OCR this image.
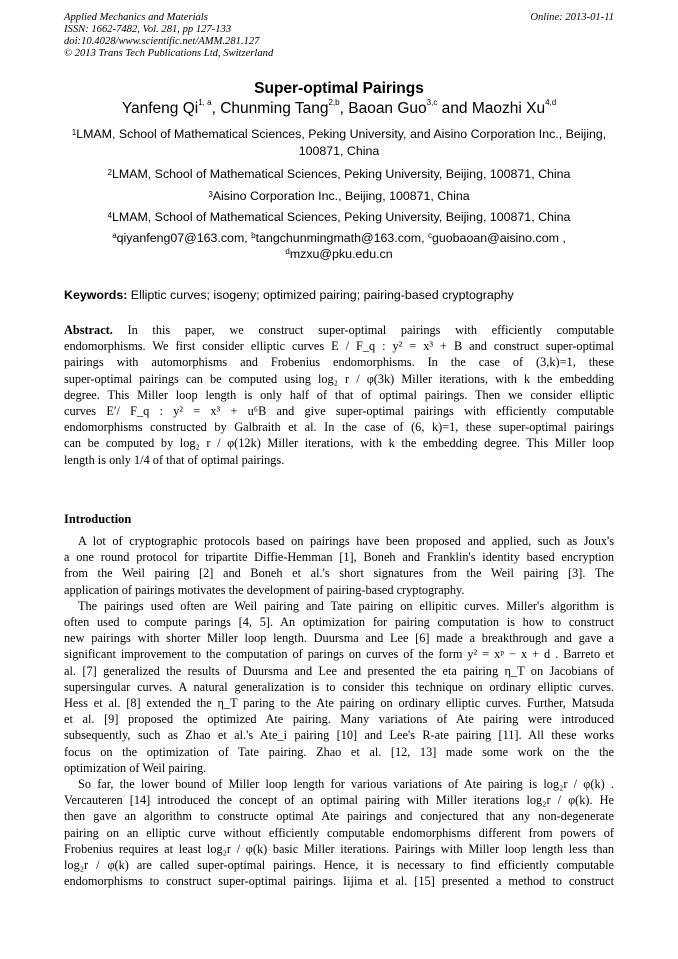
Applied Mechanics and Materials
ISSN: 1662-7482, Vol. 281, pp 127-133
doi:10.4028/www.scientific.net/AMM.281.127
© 2013 Trans Tech Publications Ltd, Switzerland
Online: 2013-01-11
Super-optimal Pairings
Yanfeng Qi$^{1, a}$, Chunming Tang$^{2,b}$, Baoan Guo$^{3,c}$ and Maozhi Xu$^{4,d}$
$^1$LMAM, School of Mathematical Sciences, Peking University, and Aisino Corporation Inc., Beijing,
100871, China
$^2$LMAM, School of Mathematical Sciences, Peking University, Beijing, 100871, China
$^3$Aisino Corporation Inc., Beijing, 100871, China
$^4$LMAM, School of Mathematical Sciences, Peking University, Beijing, 100871, China
$^a$qiyanfeng07@163.com, $^b$tangchunmingmath@163.com, $^c$guobaoan@aisino.com ,
$^d$mzxu@pku.edu.cn
Keywords: Elliptic curves; isogeny; optimized pairing; pairing-based cryptography
Abstract. In this paper, we construct super-optimal pairings with efficiently computable
endomorphisms. We first consider elliptic curves E / F_q : y² = x³ + B and construct super-optimal
pairings with automorphisms and Frobenius endomorphisms. In the case of (3,k)=1, these
super-optimal pairings can be computed using log₂ r / φ(3k) Miller iterations, with k the embedding
degree. This Miller loop length is only half of that of optimal pairings. Then we consider elliptic
curves E′/ F_q : y² = x³ + u⁶B and give super-optimal pairings with efficiently computable
endomorphisms constructed by Galbraith et al. In the case of (6, k)=1, these super-optimal pairings
can be computed by log₂ r / φ(12k) Miller iterations, with k the embedding degree. This Miller loop
length is only 1/4 of that of optimal pairings.
Introduction
A lot of cryptographic protocols based on pairings have been proposed and applied, such as Joux's
a one round protocol for tripartite Diffie-Hemman [1], Boneh and Franklin's identity based encryption
from the Weil pairing [2] and Boneh et al.'s short signatures from the Weil pairing [3]. The
application of pairings motivates the development of pairing-based cryptography.
The pairings used often are Weil pairing and Tate pairing on ellipitic curves. Miller's algorithm is
often used to compute parings [4, 5]. An optimization for pairing computation is how to construct
new pairings with shorter Miller loop length. Duursma and Lee [6] made a breakthrough and gave a
significant improvement to the computation of parings on curves of the form y² = xᵖ − x + d . Barreto et
al. [7] generalized the results of Duursma and Lee and presented the eta pairing η_T on Jacobians of
supersingular curves. A natural generalization is to consider this technique on ordinary elliptic curves.
Hess et al. [8] extended the η_T paring to the Ate pairing on ordinary elliptic curves. Further, Matsuda
et al. [9] proposed the optimized Ate pairing. Many variations of Ate pairing were introduced
subsequently, such as Zhao et al.'s Ate_i pairing [10] and Lee's R-ate pairing [11]. All these works
focus on the optimization of Tate pairing. Zhao et al. [12, 13] made some work on the the
optimization of Weil pairing.
So far, the lower bound of Miller loop length for various variations of Ate pairing is log₂r / φ(k) .
Vercauteren [14] introduced the concept of an optimal pairing with Miller iterations log₂r / φ(k). He
then gave an algorithm to constructe optimal Ate pairings and conjectured that any non-degenerate
pairing on an elliptic curve without efficiently computable endomorphisms different from powers of
Frobenius requires at least log₂r / φ(k) basic Miller iterations. Pairings with Miller loop length less than
log₂r / φ(k) are called super-optimal pairings. Hence, it is necessary to find efficiently computable
endomorphisms to construct super-optimal pairings. Iijima et al. [15] presented a method to construct
